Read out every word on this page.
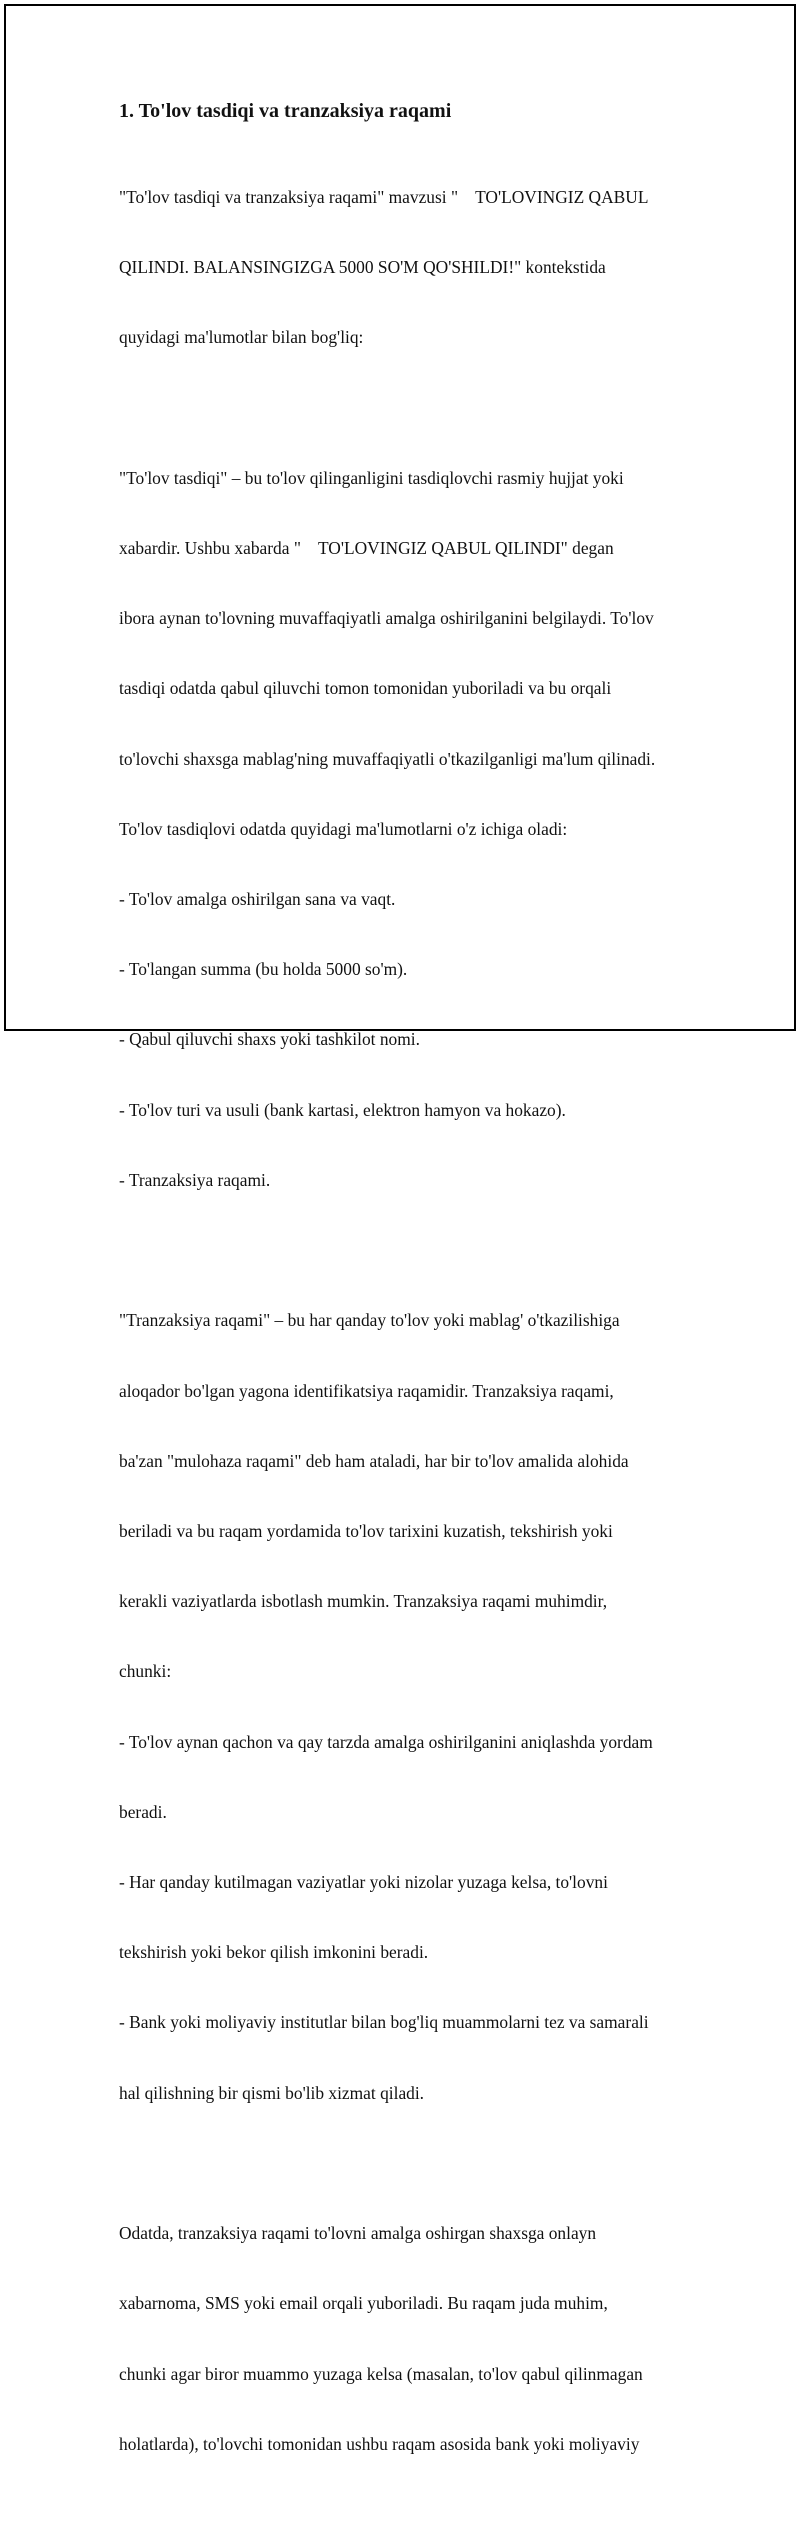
1. To'lov tasdiqi va tranzaksiya raqami

"To'lov tasdiqi va tranzaksiya raqami" mavzusi "    TO'LOVINGIZ QABUL

QILINDI. BALANSINGIZGA 5000 SO'M QO'SHILDI!" kontekstida

quyidagi ma'lumotlar bilan bog'liq:

"To'lov tasdiqi" – bu to'lov qilinganligini tasdiqlovchi rasmiy hujjat yoki

xabardir. Ushbu xabarda "    TO'LOVINGIZ QABUL QILINDI" degan

ibora aynan to'lovning muvaffaqiyatli amalga oshirilganini belgilaydi. To'lov

tasdiqi odatda qabul qiluvchi tomon tomonidan yuboriladi va bu orqali

to'lovchi shaxsga mablag'ning muvaffaqiyatli o'tkazilganligi ma'lum qilinadi.

To'lov tasdiqlovi odatda quyidagi ma'lumotlarni o'z ichiga oladi:

- To'lov amalga oshirilgan sana va vaqt.

- To'langan summa (bu holda 5000 so'm).

- Qabul qiluvchi shaxs yoki tashkilot nomi.

- To'lov turi va usuli (bank kartasi, elektron hamyon va hokazo).

- Tranzaksiya raqami.

"Tranzaksiya raqami" – bu har qanday to'lov yoki mablag' o'tkazilishiga

aloqador bo'lgan yagona identifikatsiya raqamidir. Tranzaksiya raqami,

ba'zan "mulohaza raqami" deb ham ataladi, har bir to'lov amalida alohida

beriladi va bu raqam yordamida to'lov tarixini kuzatish, tekshirish yoki

kerakli vaziyatlarda isbotlash mumkin. Tranzaksiya raqami muhimdir,

chunki:

- To'lov aynan qachon va qay tarzda amalga oshirilganini aniqlashda yordam

beradi.

- Har qanday kutilmagan vaziyatlar yoki nizolar yuzaga kelsa, to'lovni

tekshirish yoki bekor qilish imkonini beradi.

- Bank yoki moliyaviy institutlar bilan bog'liq muammolarni tez va samarali

hal qilishning bir qismi bo'lib xizmat qiladi.

Odatda, tranzaksiya raqami to'lovni amalga oshirgan shaxsga onlayn

xabarnoma, SMS yoki email orqali yuboriladi. Bu raqam juda muhim,

chunki agar biror muammo yuzaga kelsa (masalan, to'lov qabul qilinmagan

holatlarda), to'lovchi tomonidan ushbu raqam asosida bank yoki moliyaviy
